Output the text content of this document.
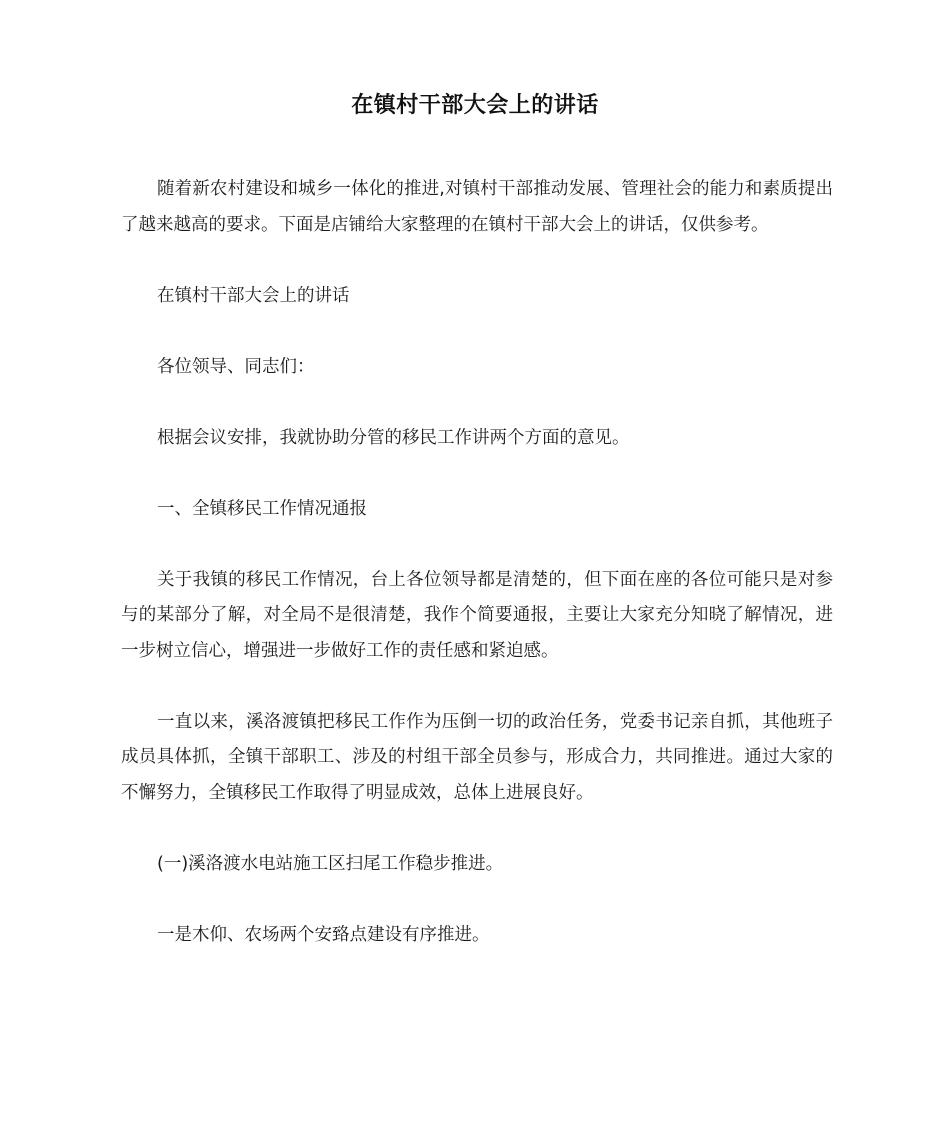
在镇村干部大会上的讲话

随着新农村建设和城乡一体化的推进,对镇村干部推动发展、管理社会的能力和素质提出了越来越高的要求。下面是店铺给大家整理的在镇村干部大会上的讲话，仅供参考。

在镇村干部大会上的讲话

各位领导、同志们：

根据会议安排，我就协助分管的移民工作讲两个方面的意见。

一、全镇移民工作情况通报

关于我镇的移民工作情况，台上各位领导都是清楚的，但下面在座的各位可能只是对参与的某部分了解，对全局不是很清楚，我作个简要通报，主要让大家充分知晓了解情况，进一步树立信心，增强进一步做好工作的责任感和紧迫感。

一直以来，溪洛渡镇把移民工作作为压倒一切的政治任务，党委书记亲自抓，其他班子成员具体抓，全镇干部职工、涉及的村组干部全员参与，形成合力，共同推进。通过大家的不懈努力，全镇移民工作取得了明显成效，总体上进展良好。

(一)溪洛渡水电站施工区扫尾工作稳步推进。

一是木仰、农场两个安臵点建设有序推进。
